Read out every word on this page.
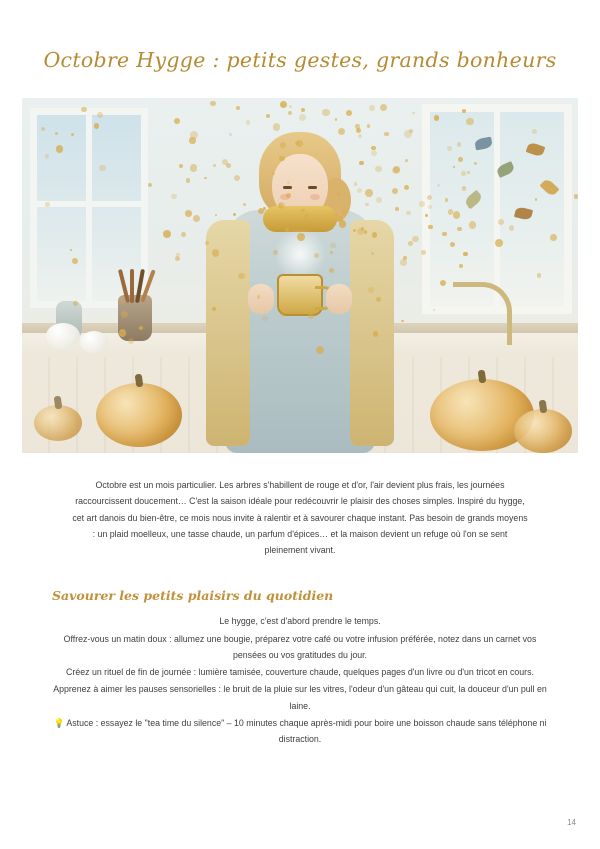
Octobre Hygge : petits gestes, grands bonheurs

Octobre est un mois particulier. Les arbres s'habillent de rouge et d'or, l'air devient plus frais, les journées raccourcissent doucement… C'est la saison idéale pour redécouvrir le plaisir des choses simples. Inspiré du hygge, cet art danois du bien-être, ce mois nous invite à ralentir et à savourer chaque instant. Pas besoin de grands moyens : un plaid moelleux, une tasse chaude, un parfum d'épices… et la maison devient un refuge où l'on se sent pleinement vivant.

Savourer les petits plaisirs du quotidien

Le hygge, c'est d'abord prendre le temps.

Offrez-vous un matin doux : allumez une bougie, préparez votre café ou votre infusion préférée, notez dans un carnet vos pensées ou vos gratitudes du jour.

Créez un rituel de fin de journée : lumière tamisée, couverture chaude, quelques pages d'un livre ou d'un tricot en cours.

Apprenez à aimer les pauses sensorielles : le bruit de la pluie sur les vitres, l'odeur d'un gâteau qui cuit, la douceur d'un pull en laine.

💡 Astuce : essayez le "tea time du silence" – 10 minutes chaque après-midi pour boire une boisson chaude sans téléphone ni distraction.

14
